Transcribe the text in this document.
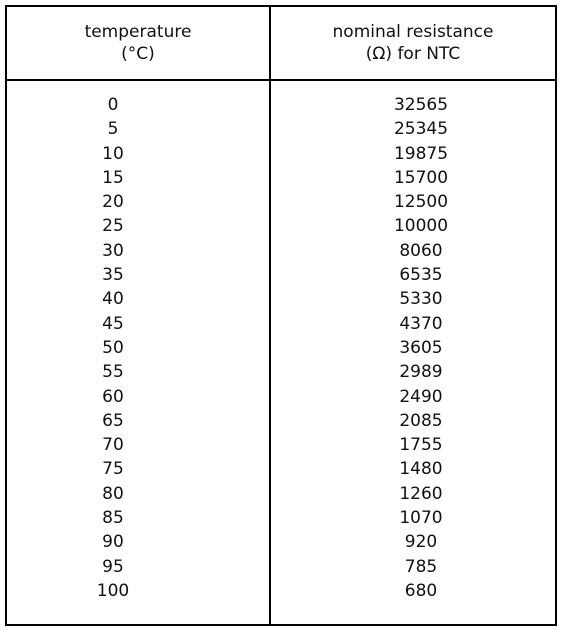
temperature
(°C)
nominal resistance
(Ω) for NTC
0
5
10
15
20
25
30
35
40
45
50
55
60
65
70
75
80
85
90
95
100
32565
25345
19875
15700
12500
10000
8060
6535
5330
4370
3605
2989
2490
2085
1755
1480
1260
1070
920
785
680
